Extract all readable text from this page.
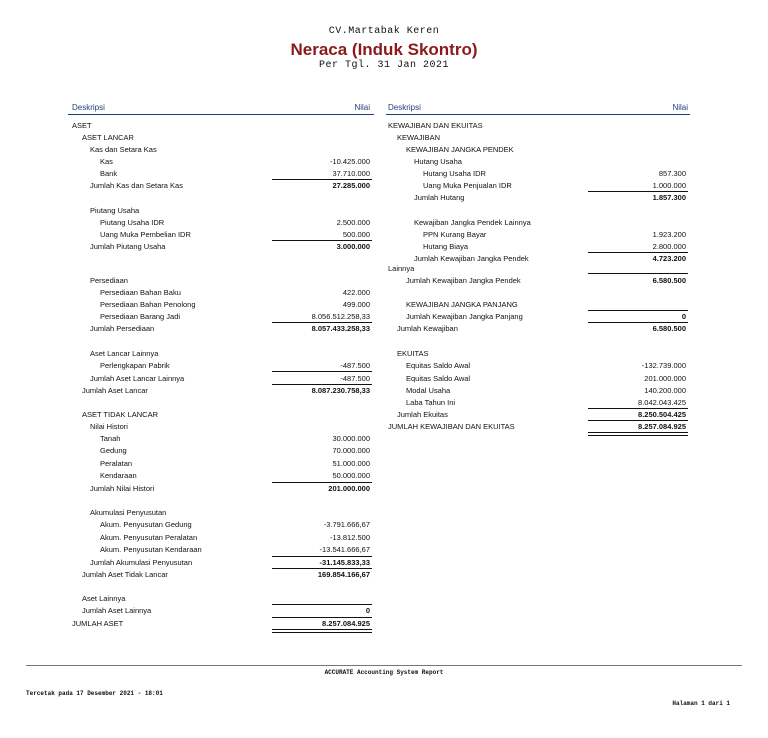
CV.Martabak Keren
Neraca (Induk Skontro)
Per Tgl. 31 Jan 2021
Deskripsi	Nilai Deskripsi	Nilai
ASET
ASET LANCAR
Kas dan Setara Kas
Kas	-10.425.000
Bank	37.710.000
Jumlah Kas dan Setara Kas	27.285.000
Piutang Usaha
Piutang Usaha IDR	2.500.000
Uang Muka Pembelian IDR	500.000
Jumlah Piutang Usaha	3.000.000
Persediaan
Persediaan Bahan Baku	422.000
Persediaan Bahan Penolong	499.000
Persediaan Barang Jadi	8.056.512.258,33
Jumlah Persediaan	8.057.433.258,33
Aset Lancar Lainnya
Perlengkapan Pabrik	-487.500
Jumlah Aset Lancar Lainnya	-487.500
Jumlah Aset Lancar	8.087.230.758,33
ASET TIDAK LANCAR
Nilai Histori
Tanah	30.000.000
Gedung	70.000.000
Peralatan	51.000.000
Kendaraan	50.000.000
Jumlah Nilai Histori	201.000.000
Akumulasi Penyusutan
Akum. Penyusutan Gedung	-3.791.666,67
Akum. Penyusutan Peralatan	-13.812.500
Akum. Penyusutan Kendaraan	-13.541.666,67
Jumlah Akumulasi Penyusutan	-31.145.833,33
Jumlah Aset Tidak Lancar	169.854.166,67
Aset Lainnya
Jumlah Aset Lainnya	0
JUMLAH ASET	8.257.084.925
KEWAJIBAN DAN EKUITAS
KEWAJIBAN
KEWAJIBAN JANGKA PENDEK
Hutang Usaha
Hutang Usaha IDR	857.300
Uang Muka Penjualan IDR	1.000.000
Jumlah Hutang	1.857.300
Kewajiban Jangka Pendek Lainnya
PPN Kurang Bayar	1.923.200
Hutang Biaya	2.800.000
Jumlah Kewajiban Jangka Pendek	4.723.200
Lainnya
Jumlah Kewajiban Jangka Pendek	6.580.500
KEWAJIBAN JANGKA PANJANG
Jumlah Kewajiban Jangka Panjang	0
Jumlah Kewajiban	6.580.500
EKUITAS
Equitas Saldo Awal	-132.739.000
Equitas Saldo Awal	201.000.000
Modal Usaha	140.200.000
Laba Tahun Ini	8.042.043.425
Jumlah Ekuitas	8.250.504.425
JUMLAH KEWAJIBAN DAN EKUITAS	8.257.084.925
ACCURATE Accounting System Report
Tercetak pada 17 Desember 2021 - 18:01
Halaman 1 dari 1
